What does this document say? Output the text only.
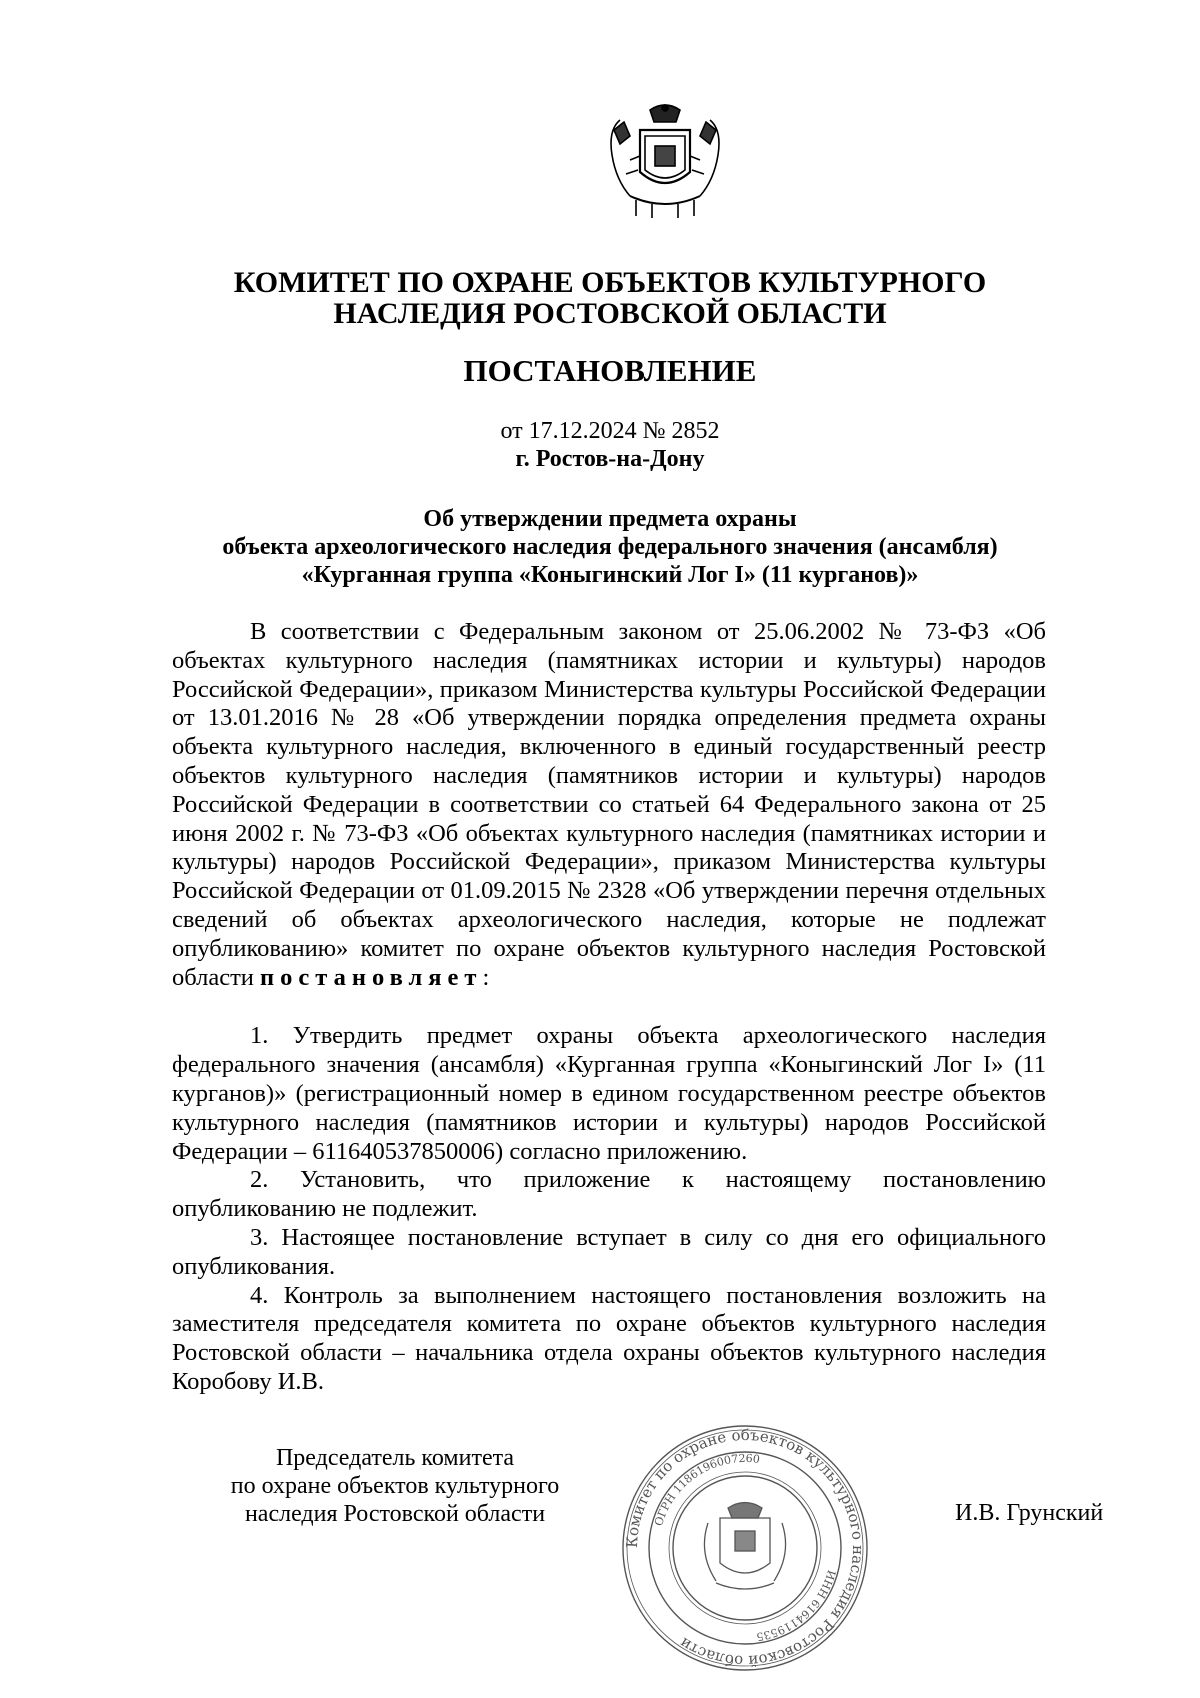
КОМИТЕТ ПО ОХРАНЕ ОБЪЕКТОВ КУЛЬТУРНОГО
НАСЛЕДИЯ РОСТОВСКОЙ ОБЛАСТИ
ПОСТАНОВЛЕНИЕ
от 17.12.2024 № 2852
г. Ростов-на-Дону
Об утверждении предмета охраны
объекта археологического наследия федерального значения (ансамбля)
«Курганная группа «Коныгинский Лог I» (11 курганов)»

В соответствии с Федеральным законом от 25.06.2002 № 73-ФЗ «Об объектах культурного наследия (памятниках истории и культуры) народов Российской Федерации», приказом Министерства культуры Российской Федерации от 13.01.2016 № 28 «Об утверждении порядка определения предмета охраны объекта культурного наследия, включенного в единый государственный реестр объектов культурного наследия (памятников истории и культуры) народов Российской Федерации в соответствии со статьей 64 Федерального закона от 25 июня 2002 г. № 73-ФЗ «Об объектах культурного наследия (памятниках истории и культуры) народов Российской Федерации», приказом Министерства культуры Российской Федерации от 01.09.2015 № 2328 «Об утверждении перечня отдельных сведений об объектах археологического наследия, которые не подлежат опубликованию» комитет по охране объектов культурного наследия Ростовской области постановляет:

1. Утвердить предмет охраны объекта археологического наследия федерального значения (ансамбля) «Курганная группа «Коныгинский Лог I» (11 курганов)» (регистрационный номер в едином государственном реестре объектов культурного наследия (памятников истории и культуры) народов Российской Федерации – 611640537850006) согласно приложению.

2. Установить, что приложение к настоящему постановлению опубликованию не подлежит.

3. Настоящее постановление вступает в силу со дня его официального опубликования.

4. Контроль за выполнением настоящего постановления возложить на заместителя председателя комитета по охране объектов культурного наследия Ростовской области – начальника отдела охраны объектов культурного наследия Коробову И.В.

Председатель комитета
по охране объектов культурного
наследия Ростовской области
Комитет по охране объектов культурного наследия Ростовской области
ОГРН 1186196007260
ИНН 6164119535
И.В. Грунский
